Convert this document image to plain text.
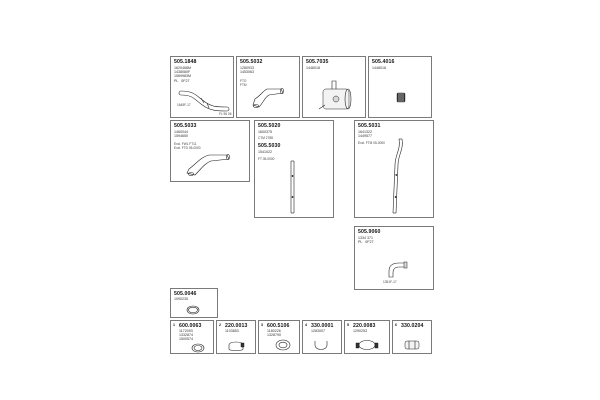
505.1848
1620468M
1438080F
1569983M
PL   0F27
1645F-17
FL 96 06
505.5032
1280933
1453063
FTO
FTM
505.7035
1448018
505.4016
1448018
505.5033
1460044
1594650
Excl. FWL FT11
Excl. FTD 05-0000
505.5020
1600375
CTM 2788
505.5030
1541022
FT 05-0000
505.5031
1641322
1449577
Excl. FTM 05-0000
505.9060
1334 371
PL   0F27
1351F-17
505.0046
1090235
1 600.0063
1172093
1332874
1500574
2 220.0013
1103853
3 600.5106
1180226
1328790
4 330.0001
1283007
5 220.0083
1290253
6 330.0204
